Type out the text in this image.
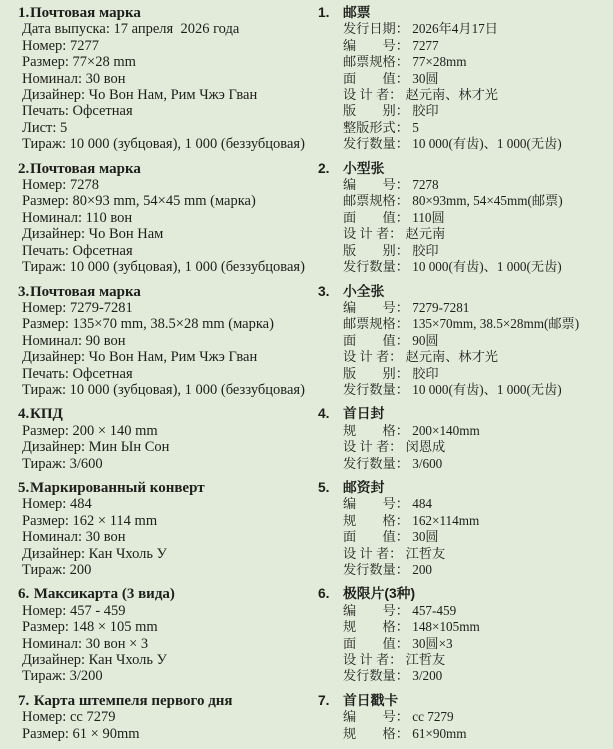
1. Почтовая марка
Дата выпуска: 17 апреля  2026 года
Номер: 7277
Размер: 77×28 mm
Номинал: 30 вон
Дизайнер: Чо Вон Нам, Рим Чжэ Гван
Печать: Офсетная
Лист: 5
Тираж: 10 000 (зубцовая), 1 000 (беззубцовая)
2. Почтовая марка
Номер: 7278
Размер: 80×93 mm, 54×45 mm (марка)
Номинал: 110 вон
Дизайнер: Чо Вон Нам
Печать: Офсетная
Тираж: 10 000 (зубцовая), 1 000 (беззубцовая)
3. Почтовая марка
Номер: 7279-7281
Размер: 135×70 mm, 38.5×28 mm (марка)
Номинал: 90 вон
Дизайнер: Чо Вон Нам, Рим Чжэ Гван
Печать: Офсетная
Тираж: 10 000 (зубцовая), 1 000 (беззубцовая)
4. КПД
Размер: 200 × 140 mm
Дизайнер: Мин Ын Сон
Тираж: 3/600
5. Маркированный конверт
Номер: 484
Размер: 162 × 114 mm
Номинал: 30 вон
Дизайнер: Кан Чхоль У
Тираж: 200
6. Максикарта (3 вида)
Номер: 457 - 459
Размер: 148 × 105 mm
Номинал: 30 вон × 3
Дизайнер: Кан Чхоль У
Тираж: 3/200
7. Карта штемпеля первого дня
Номер: cc 7279
Размер: 61 × 90mm
1. 邮票
发行日期： 2026年4月17日
编　　号： 7277
邮票规格： 77×28mm
面　　值： 30圆
设 计 者： 赵元南、林才光
版　　别： 胶印
整版形式： 5
发行数量： 10 000(有齿)、1 000(无齿)
2. 小型张
编　　号： 7278
邮票规格： 80×93mm, 54×45mm(邮票)
面　　值： 110圆
设 计 者： 赵元南
版　　别： 胶印
发行数量： 10 000(有齿)、1 000(无齿)
3. 小全张
编　　号： 7279-7281
邮票规格： 135×70mm, 38.5×28mm(邮票)
面　　值： 90圆
设 计 者： 赵元南、林才光
版　　别： 胶印
发行数量： 10 000(有齿)、1 000(无齿)
4. 首日封
规　　格： 200×140mm
设 计 者： 闵恩成
发行数量： 3/600
5. 邮资封
编　　号： 484
规　　格： 162×114mm
面　　值： 30圆
设 计 者： 江哲友
发行数量： 200
6. 极限片(3种)
编　　号： 457-459
规　　格： 148×105mm
面　　值： 30圆×3
设 计 者： 江哲友
发行数量： 3/200
7. 首日戳卡
编　　号： cc 7279
规　　格： 61×90mm
